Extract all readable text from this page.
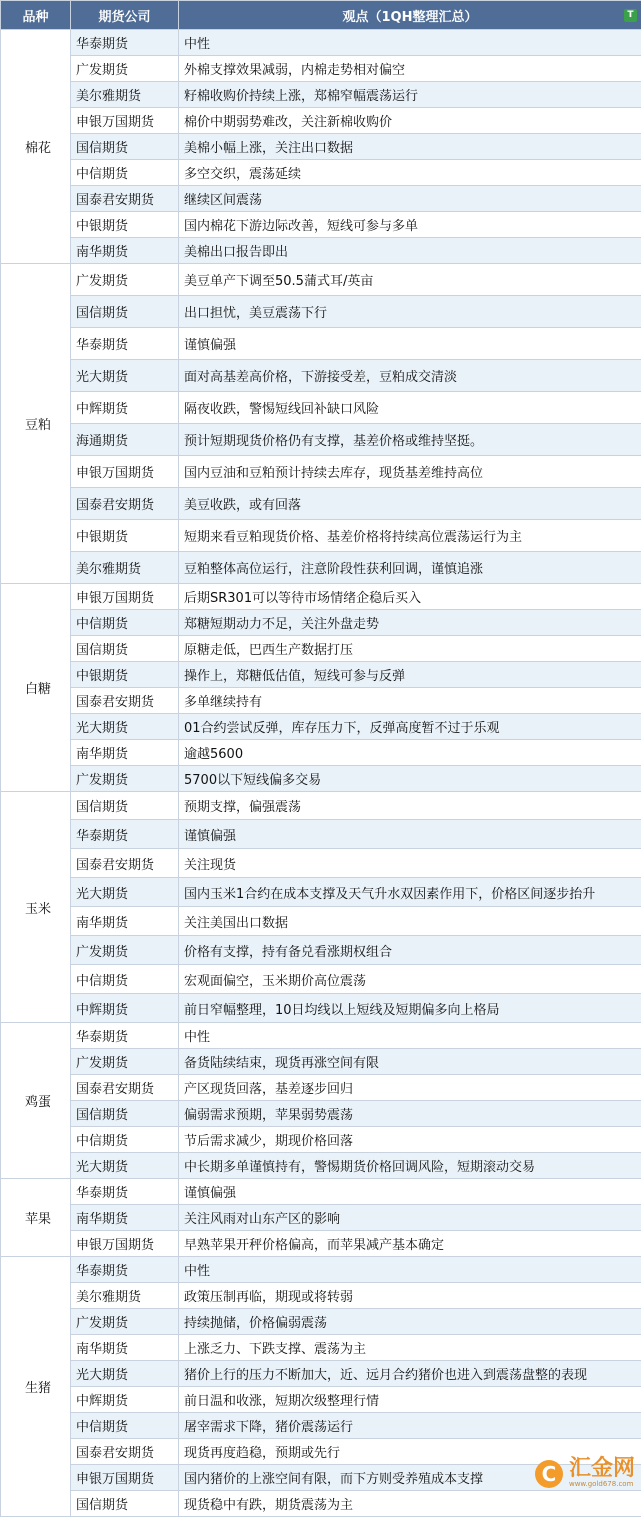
品种	期货公司	观点（1QH整理汇总） T

棉花	华泰期货	中性
	广发期货	外棉支撑效果减弱，内棉走势相对偏空
	美尔雅期货	籽棉收购价持续上涨，郑棉窄幅震荡运行
	申银万国期货	棉价中期弱势难改，关注新棉收购价
	国信期货	美棉小幅上涨，关注出口数据
	中信期货	多空交织，震荡延续
	国泰君安期货	继续区间震荡
	中银期货	国内棉花下游边际改善，短线可参与多单
	南华期货	美棉出口报告即出
豆粕	广发期货	美豆单产下调至50.5蒲式耳/英亩
	国信期货	出口担忧，美豆震荡下行
	华泰期货	谨慎偏强
	光大期货	面对高基差高价格，下游接受差，豆粕成交清淡
	中辉期货	隔夜收跌，警惕短线回补缺口风险
	海通期货	预计短期现货价格仍有支撑，基差价格或维持坚挺。
	申银万国期货	国内豆油和豆粕预计持续去库存，现货基差维持高位
	国泰君安期货	美豆收跌，或有回落
	中银期货	短期来看豆粕现货价格、基差价格将持续高位震荡运行为主
	美尔雅期货	豆粕整体高位运行，注意阶段性获利回调，谨慎追涨
白糖	申银万国期货	后期SR301可以等待市场情绪企稳后买入
	中信期货	郑糖短期动力不足，关注外盘走势
	国信期货	原糖走低，巴西生产数据打压
	中银期货	操作上，郑糖低估值，短线可参与反弹
	国泰君安期货	多单继续持有
	光大期货	01合约尝试反弹，库存压力下，反弹高度暂不过于乐观
	南华期货	逾越5600
	广发期货	5700以下短线偏多交易
玉米	国信期货	预期支撑，偏强震荡
	华泰期货	谨慎偏强
	国泰君安期货	关注现货
	光大期货	国内玉米1合约在成本支撑及天气升水双因素作用下，价格区间逐步抬升
	南华期货	关注美国出口数据
	广发期货	价格有支撑，持有备兑看涨期权组合
	中信期货	宏观面偏空，玉米期价高位震荡
	中辉期货	前日窄幅整理，10日均线以上短线及短期偏多向上格局
鸡蛋	华泰期货	中性
	广发期货	备货陆续结束，现货再涨空间有限
	国泰君安期货	产区现货回落，基差逐步回归
	国信期货	偏弱需求预期，苹果弱势震荡
	中信期货	节后需求减少，期现价格回落
	光大期货	中长期多单谨慎持有，警惕期货价格回调风险，短期滚动交易
苹果	华泰期货	谨慎偏强
	南华期货	关注风雨对山东产区的影响
	申银万国期货	早熟苹果开秤价格偏高，而苹果减产基本确定
生猪	华泰期货	中性
	美尔雅期货	政策压制再临，期现或将转弱
	广发期货	持续抛储，价格偏弱震荡
	南华期货	上涨乏力、下跌支撑、震荡为主
	光大期货	猪价上行的压力不断加大，近、远月合约猪价也进入到震荡盘整的表现
	中辉期货	前日温和收涨，短期次级整理行情
	中信期货	屠宰需求下降，猪价震荡运行
	国泰君安期货	现货再度趋稳，预期或先行
	申银万国期货	国内猪价的上涨空间有限，而下方则受养殖成本支撑
	国信期货	现货稳中有跌，期货震荡为主
C 汇金网
www.gold678.com
